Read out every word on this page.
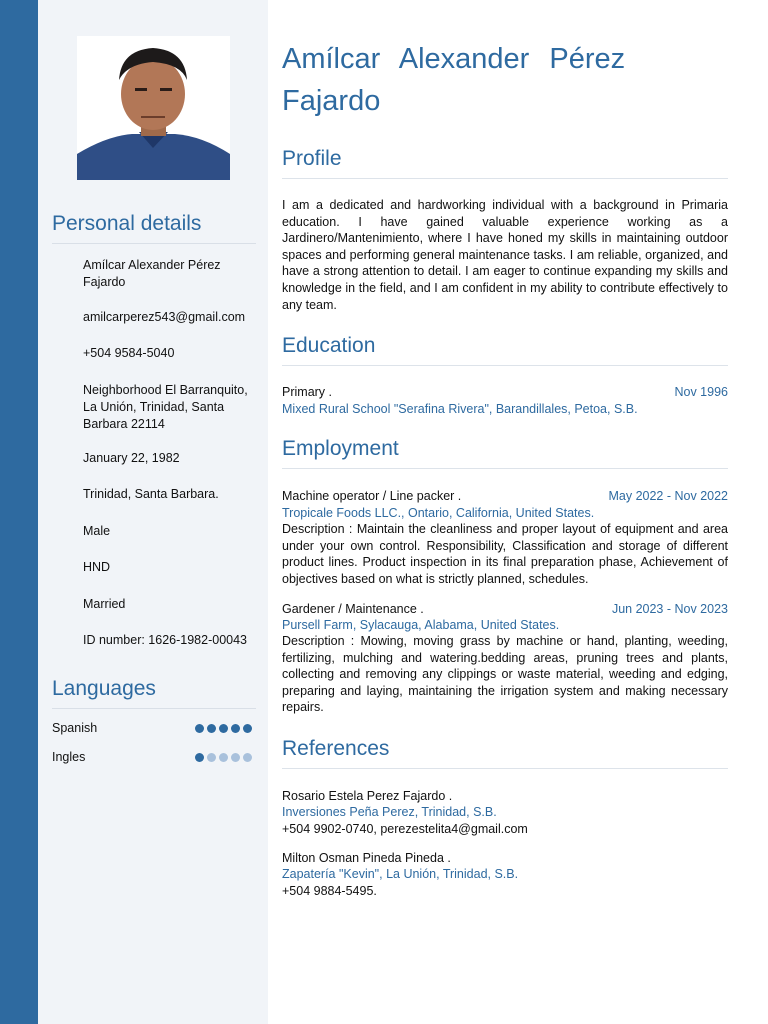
Personal details
Amílcar Alexander Pérez Fajardo
amilcarperez543@gmail.com
+504 9584-5040
Neighborhood El Barranquito, La Unión, Trinidad, Santa Barbara 22114
January 22, 1982
Trinidad, Santa Barbara.
Male
HND
Married
ID number: 1626-1982-00043
Languages
Spanish
Ingles
Amílcar Alexander Pérez Fajardo
Profile
I am a dedicated and hardworking individual with a background in Primaria education. I have gained valuable experience working as a Jardinero/Mantenimiento, where I have honed my skills in maintaining outdoor spaces and performing general maintenance tasks. I am reliable, organized, and have a strong attention to detail. I am eager to continue expanding my skills and knowledge in the field, and I am confident in my ability to contribute effectively to any team.
Education
Primary .	Nov 1996
Mixed Rural School "Serafina Rivera", Barandillales, Petoa, S.B.
Employment
Machine operator / Line packer .	May 2022 - Nov 2022
Tropicale Foods LLC., Ontario, California, United States.
Description : Maintain the cleanliness and proper layout of equipment and area under your own control. Responsibility, Classification and storage of different product lines. Product inspection in its final preparation phase, Achievement of objectives based on what is strictly planned, schedules.
Gardener / Maintenance .	Jun 2023 - Nov 2023
Pursell Farm, Sylacauga, Alabama, United States.
Description : Mowing, moving grass by machine or hand, planting, weeding, fertilizing, mulching and watering.bedding areas, pruning trees and plants, collecting and removing any clippings or waste material, weeding and edging, preparing and laying, maintaining the irrigation system and making necessary repairs.
References
Rosario Estela Perez Fajardo .
Inversiones Peña Perez, Trinidad, S.B.
+504 9902-0740, perezestelita4@gmail.com
Milton Osman Pineda Pineda .
Zapatería "Kevin", La Unión, Trinidad, S.B.
+504 9884-5495.
